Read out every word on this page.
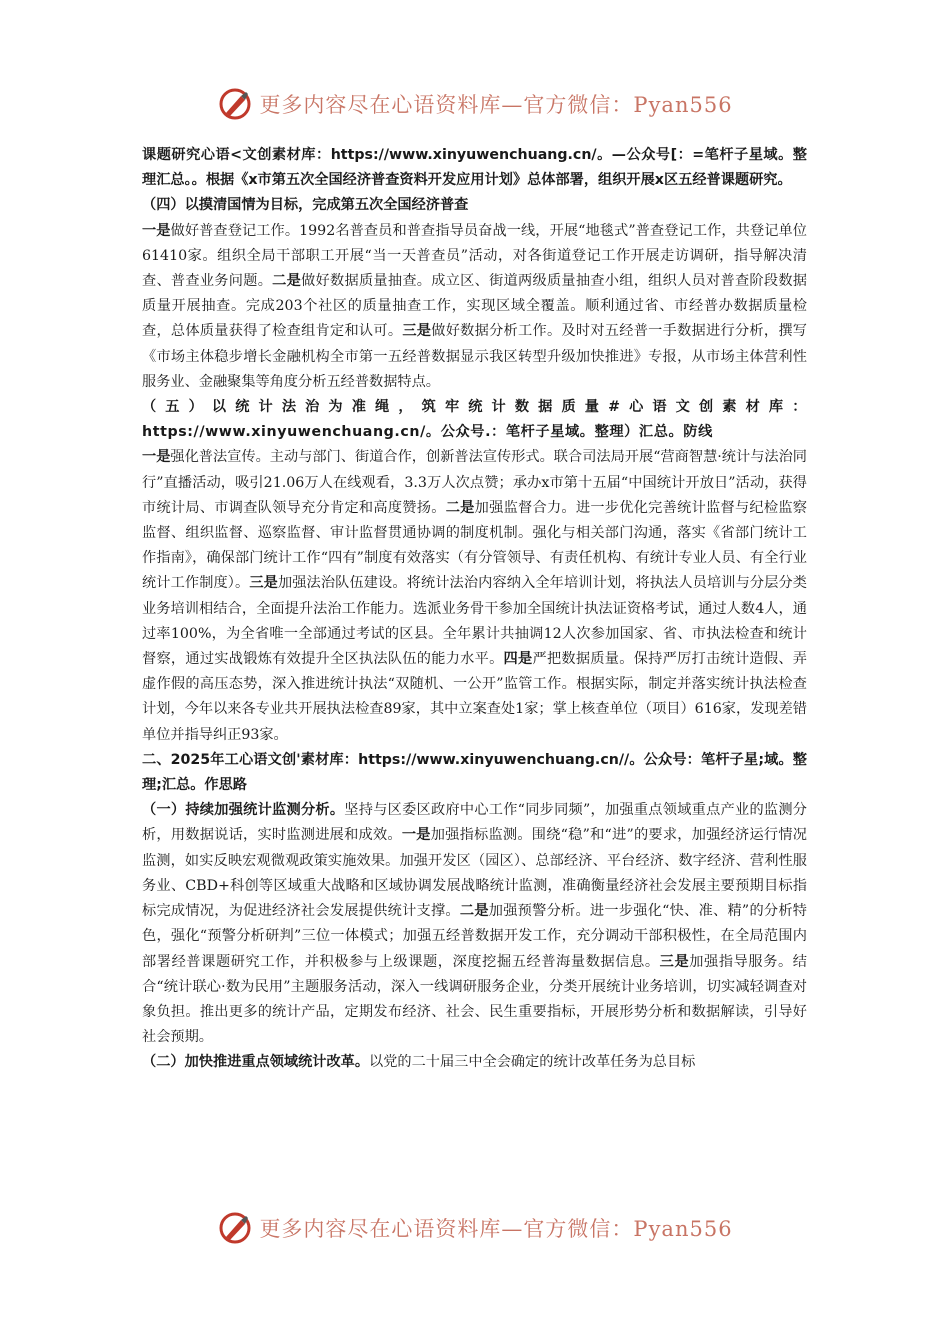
更多内容尽在心语资料库—官方微信：Pyan556

课题研究心语<文创素材库：https://www.xinyuwenchuang.cn/。—公众号[：=笔杆子星域。整理汇总。。根据《x市第五次全国经济普查资料开发应用计划》总体部署，组织开展x区五经普课题研究。

（四）以摸清国情为目标，完成第五次全国经济普查

一是做好普查登记工作。1992名普查员和普查指导员奋战一线，开展“地毯式”普查登记工作，共登记单位61410家。组织全局干部职工开展“当一天普查员”活动，对各街道登记工作开展走访调研，指导解决清查、普查业务问题。二是做好数据质量抽查。成立区、街道两级质量抽查小组，组织人员对普查阶段数据质量开展抽查。完成203个社区的质量抽查工作，实现区域全覆盖。顺利通过省、市经普办数据质量检查，总体质量获得了检查组肯定和认可。三是做好数据分析工作。及时对五经普一手数据进行分析，撰写《市场主体稳步增长金融机构全市第一五经普数据显示我区转型升级加快推进》专报，从市场主体营利性服务业、金融聚集等角度分析五经普数据特点。

（五）以统计法治为准绳，筑牢统计数据质量#心语文创素材库：https://www.xinyuwenchuang.cn/。公众号.：笔杆子星域。整理）汇总。防线

一是强化普法宣传。主动与部门、街道合作，创新普法宣传形式。联合司法局开展“营商智慧·统计与法治同行”直播活动，吸引21.06万人在线观看，3.3万人次点赞；承办x市第十五届“中国统计开放日”活动，获得市统计局、市调查队领导充分肯定和高度赞扬。二是加强监督合力。进一步优化完善统计监督与纪检监察监督、组织监督、巡察监督、审计监督贯通协调的制度机制。强化与相关部门沟通，落实《省部门统计工作指南》，确保部门统计工作“四有”制度有效落实（有分管领导、有责任机构、有统计专业人员、有全行业统计工作制度）。三是加强法治队伍建设。将统计法治内容纳入全年培训计划，将执法人员培训与分层分类业务培训相结合，全面提升法治工作能力。选派业务骨干参加全国统计执法证资格考试，通过人数4人，通过率100%，为全省唯一全部通过考试的区县。全年累计共抽调12人次参加国家、省、市执法检查和统计督察，通过实战锻炼有效提升全区执法队伍的能力水平。四是严把数据质量。保持严厉打击统计造假、弄虚作假的高压态势，深入推进统计执法“双随机、一公开”监管工作。根据实际，制定并落实统计执法检查计划，今年以来各专业共开展执法检查89家，其中立案查处1家；掌上核查单位（项目）616家，发现差错单位并指导纠正93家。

二、2025年工心语文创'素材库：https://www.xinyuwenchuang.cn//。公众号：笔杆子星;域。整理;汇总。作思路

（一）持续加强统计监测分析。坚持与区委区政府中心工作“同步同频”，加强重点领域重点产业的监测分析，用数据说话，实时监测进展和成效。一是加强指标监测。围绕“稳”和“进”的要求，加强经济运行情况监测，如实反映宏观微观政策实施效果。加强开发区（园区）、总部经济、平台经济、数字经济、营利性服务业、CBD+科创等区域重大战略和区域协调发展战略统计监测，准确衡量经济社会发展主要预期目标指标完成情况，为促进经济社会发展提供统计支撑。二是加强预警分析。进一步强化“快、准、精”的分析特色，强化“预警分析研判”三位一体模式；加强五经普数据开发工作，充分调动干部积极性，在全局范围内部署经普课题研究工作，并积极参与上级课题，深度挖掘五经普海量数据信息。三是加强指导服务。结合“统计联心·数为民用”主题服务活动，深入一线调研服务企业，分类开展统计业务培训，切实减轻调查对象负担。推出更多的统计产品，定期发布经济、社会、民生重要指标，开展形势分析和数据解读，引导好社会预期。

（二）加快推进重点领域统计改革。以党的二十届三中全会确定的统计改革任务为总目标

更多内容尽在心语资料库—官方微信：Pyan556
